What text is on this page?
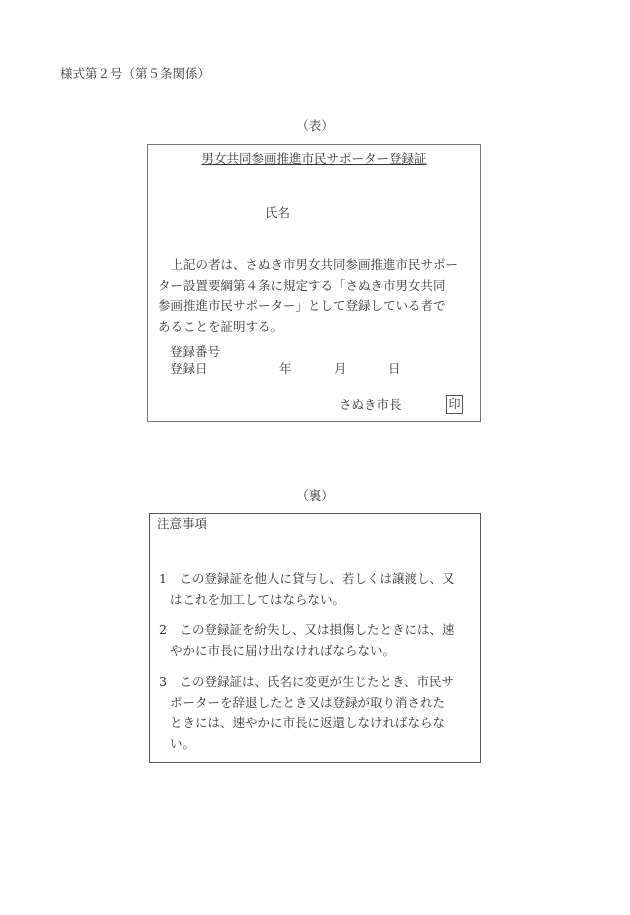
様式第２号（第５条関係）
（表）
男女共同参画推進市民サポーター登録証
氏名
　上記の者は、さぬき市男女共同参画推進市民サポー
ター設置要綱第４条に規定する「さぬき市男女共同
参画推進市民サポーター」として登録している者で
あることを証明する。
登録番号
登録日	年	月	日
さぬき市長	印
（裏）
注意事項
1　この登録証を他人に貸与し、若しくは譲渡し、又
はこれを加工してはならない。
2　この登録証を紛失し、又は損傷したときには、速
やかに市長に届け出なければならない。
3　この登録証は、氏名に変更が生じたとき、市民サ
ポーターを辞退したとき又は登録が取り消された
ときには、速やかに市長に返還しなければならな
い。
